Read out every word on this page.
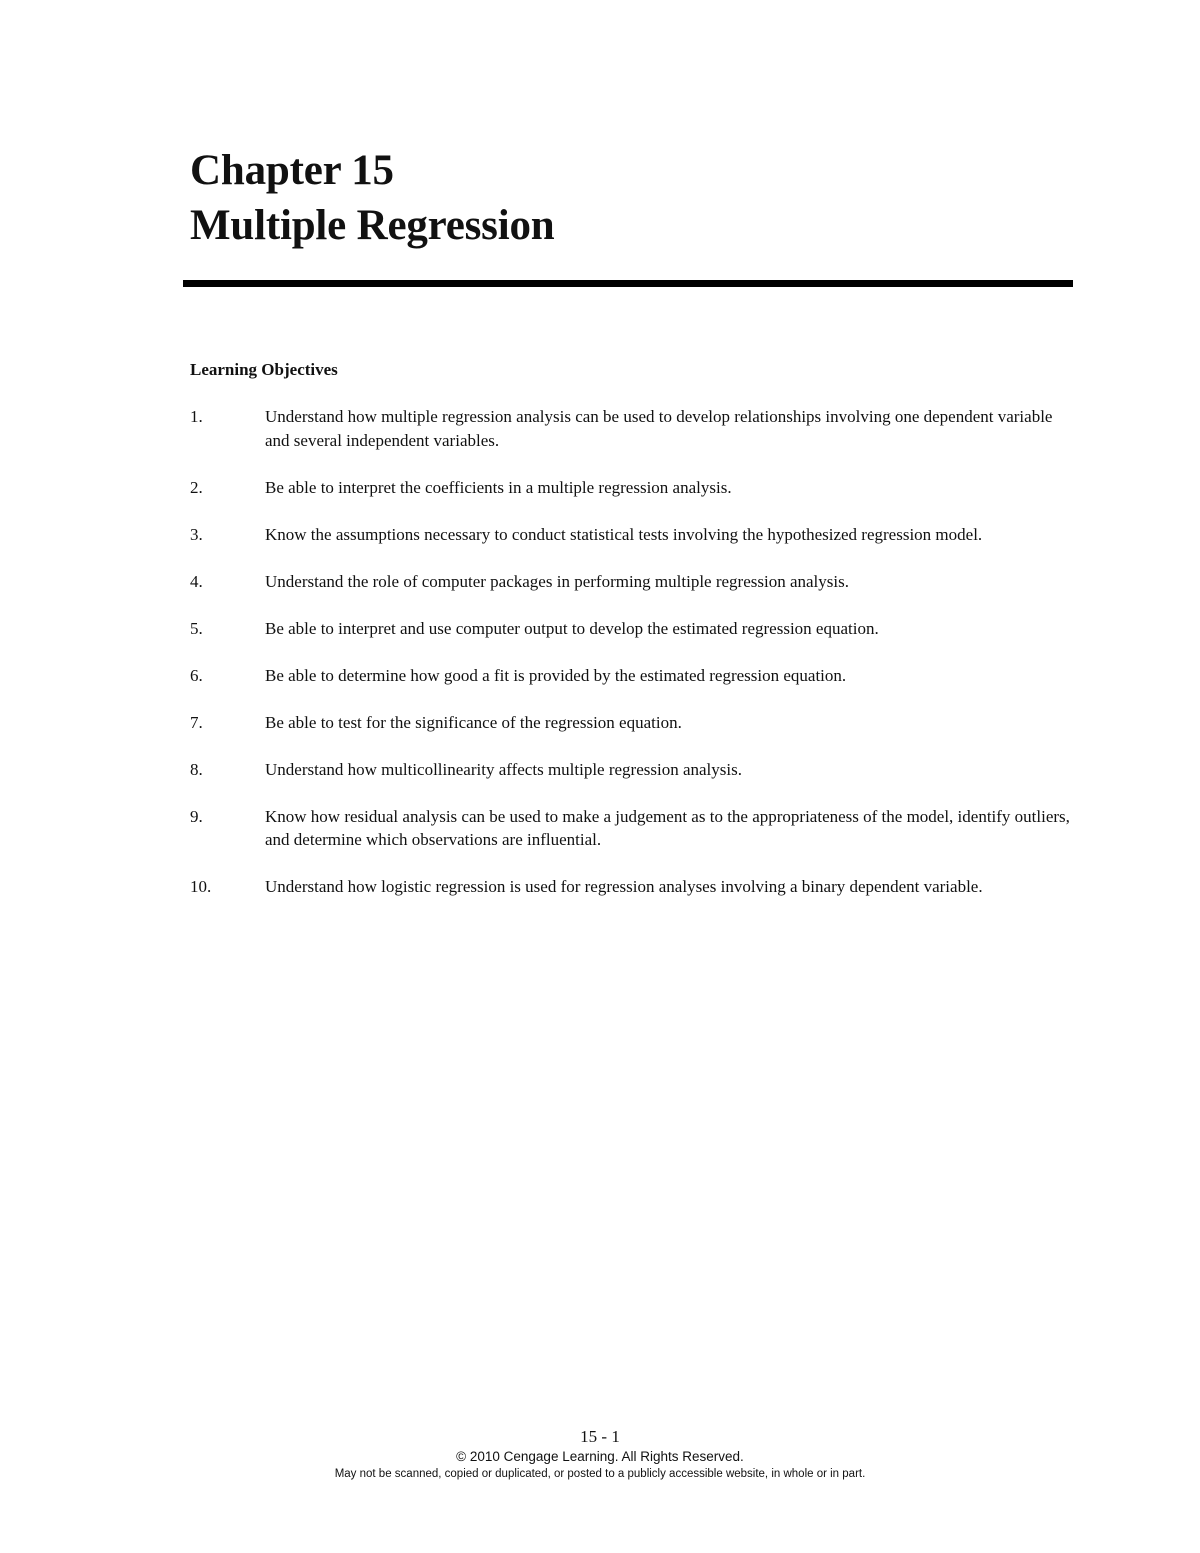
Chapter 15
Multiple Regression
Learning Objectives
1.	Understand how multiple regression analysis can be used to develop relationships involving one dependent variable and several independent variables.
2.	Be able to interpret the coefficients in a multiple regression analysis.
3.	Know the assumptions necessary to conduct statistical tests involving the hypothesized regression model.
4.	Understand the role of computer packages in performing multiple regression analysis.
5.	Be able to interpret and use computer output to develop the estimated regression equation.
6.	Be able to determine how good a fit is provided by the estimated regression equation.
7.	Be able to test for the significance of the regression equation.
8.	Understand how multicollinearity affects multiple regression analysis.
9.	Know how residual analysis can be used to make a judgement as to the appropriateness of the model, identify outliers, and determine which observations are influential.
10.	Understand how logistic regression is used for regression analyses involving a binary dependent variable.
15 - 1
© 2010 Cengage Learning. All Rights Reserved.
May not be scanned, copied or duplicated, or posted to a publicly accessible website, in whole or in part.
